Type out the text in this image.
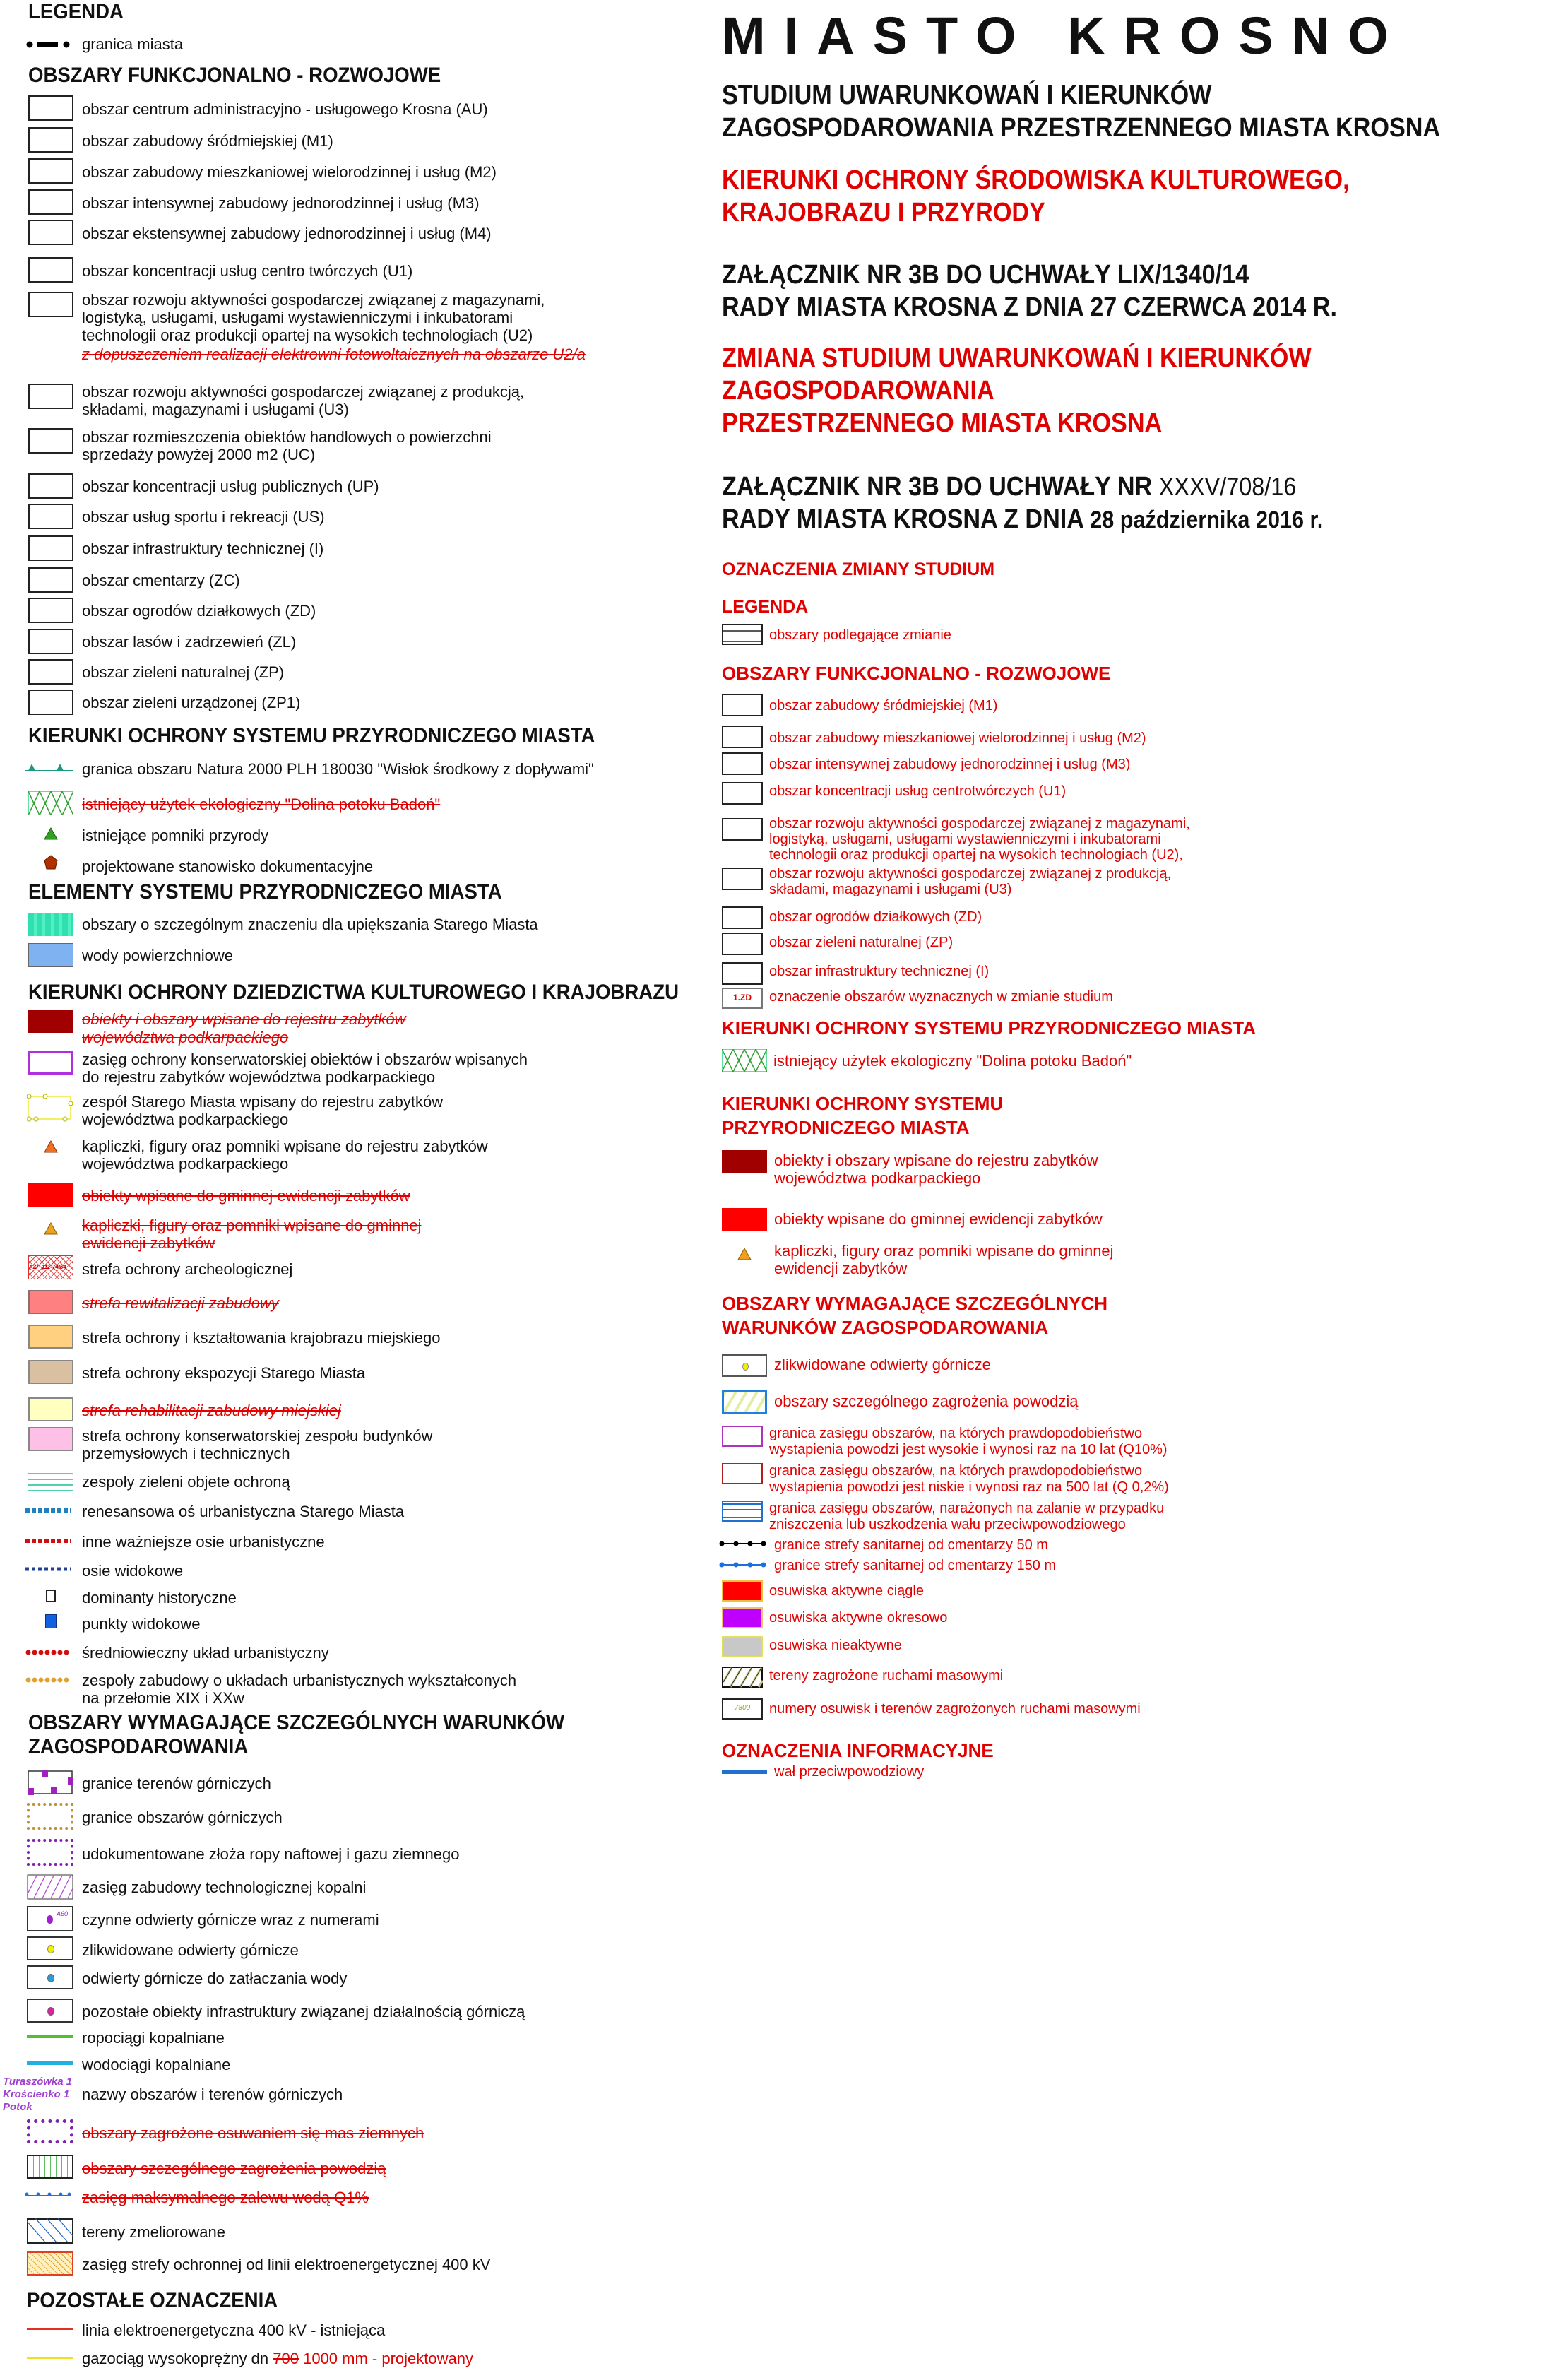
LEGENDA
granica miasta
OBSZARY FUNKCJONALNO - ROZWOJOWE
obszar centrum administracyjno - usługowego Krosna (AU)
obszar zabudowy śródmiejskiej (M1)
obszar zabudowy mieszkaniowej wielorodzinnej i usług (M2)
obszar intensywnej zabudowy jednorodzinnej i usług (M3)
obszar ekstensywnej zabudowy jednorodzinnej i usług (M4)
obszar koncentracji usług centro twórczych (U1)
obszar rozwoju aktywności gospodarczej związanej z magazynami,
logistyką, usługami, usługami wystawienniczymi i inkubatorami
technologii oraz produkcji opartej na wysokich technologiach (U2)
z dopuszczeniem realizacji elektrowni fotowoltaicznych na obszarze U2/a
obszar rozwoju aktywności gospodarczej związanej z produkcją,
składami, magazynami i usługami (U3)
obszar rozmieszczenia obiektów handlowych o powierzchni
sprzedaży powyżej 2000 m2 (UC)
obszar koncentracji usług publicznych (UP)
obszar usług sportu i rekreacji (US)
obszar infrastruktury technicznej (I)
obszar cmentarzy (ZC)
obszar ogrodów działkowych (ZD)
obszar lasów i zadrzewień (ZL)
obszar zieleni naturalnej (ZP)
obszar zieleni urządzonej (ZP1)
KIERUNKI OCHRONY SYSTEMU PRZYRODNICZEGO MIASTA
granica obszaru Natura 2000 PLH 180030 "Wisłok środkowy z dopływami"
istniejący użytek ekologiczny "Dolina potoku Badoń"
istniejące pomniki przyrody
projektowane stanowisko dokumentacyjne
ELEMENTY SYSTEMU PRZYRODNICZEGO MIASTA
obszary o szczególnym znaczeniu dla upiększania Starego Miasta
wody powierzchniowe
KIERUNKI OCHRONY DZIEDZICTWA KULTUROWEGO I KRAJOBRAZU
obiekty i obszary wpisane do rejestru zabytków
województwa podkarpackiego
zasięg ochrony konserwatorskiej obiektów i obszarów wpisanych
do rejestru zabytków województwa podkarpackiego
zespół Starego Miasta wpisany do rejestru zabytków
województwa podkarpackiego
kapliczki, figury oraz pomniki wpisane do rejestru zabytków
województwa podkarpackiego
obiekty wpisane do gminnej ewidencji zabytków
kapliczki, figury oraz pomniki wpisane do gminnej
ewidencji zabytków
AZP 111-74/64	strefa ochrony archeologicznej
strefa rewitalizacji zabudowy
strefa ochrony i kształtowania krajobrazu miejskiego
strefa ochrony ekspozycji Starego Miasta
strefa rehabilitacji zabudowy miejskiej
strefa ochrony konserwatorskiej zespołu budynków
przemysłowych i technicznych
zespoły zieleni objete ochroną
renesansowa oś urbanistyczna Starego Miasta
inne ważniejsze osie urbanistyczne
osie widokowe
dominanty historyczne
punkty widokowe
średniowieczny układ urbanistyczny
zespoły zabudowy o układach urbanistycznych wykształconych
na przełomie XIX i XXw
OBSZARY WYMAGAJĄCE SZCZEGÓLNYCH WARUNKÓW
ZAGOSPODAROWANIA
granice terenów górniczych
granice obszarów górniczych
udokumentowane złoża ropy naftowej i gazu ziemnego
zasięg zabudowy technologicznej kopalni
A60 czynne odwierty górnicze wraz z numerami
zlikwidowane odwierty górnicze
odwierty górnicze do zatłaczania wody
pozostałe obiekty infrastruktury związanej działalnością górniczą
ropociągi kopalniane
wodociągi kopalniane
Turaszówka 1
Krościenko 1
Potok
nazwy obszarów i terenów górniczych
obszary zagrożone osuwaniem się mas ziemnych
obszary szczególnego zagrożenia powodzią
zasięg maksymalnego zalewu wodą Q1%
tereny zmeliorowane
zasięg strefy ochronnej od linii elektroenergetycznej 400 kV
POZOSTAŁE OZNACZENIA
linia elektroenergetyczna 400 kV - istniejąca
gazociąg wysokoprężny dn 700 1000 mm - projektowany
MIASTO KROSNO
STUDIUM UWARUNKOWAŃ I KIERUNKÓW
ZAGOSPODAROWANIA PRZESTRZENNEGO MIASTA KROSNA
KIERUNKI OCHRONY ŚRODOWISKA KULTUROWEGO,
KRAJOBRAZU I PRZYRODY
ZAŁĄCZNIK NR 3B DO UCHWAŁY LIX/1340/14
RADY MIASTA KROSNA Z DNIA 27 CZERWCA 2014 R.
ZMIANA STUDIUM UWARUNKOWAŃ I KIERUNKÓW
ZAGOSPODAROWANIA
PRZESTRZENNEGO MIASTA KROSNA
ZAŁĄCZNIK NR 3B DO UCHWAŁY NR XXXV/708/16
RADY MIASTA KROSNA Z DNIA 28 października 2016 r.
OZNACZENIA ZMIANY STUDIUM
LEGENDA
obszary podlegające zmianie
OBSZARY FUNKCJONALNO - ROZWOJOWE
obszar zabudowy śródmiejskiej (M1)
obszar zabudowy mieszkaniowej wielorodzinnej i usług (M2)
obszar intensywnej zabudowy jednorodzinnej i usług (M3)
obszar koncentracji usług centrotwórczych (U1)
obszar rozwoju aktywności gospodarczej związanej z magazynami,
logistyką, usługami, usługami wystawienniczymi i inkubatorami
technologii oraz produkcji opartej na wysokich technologiach (U2),
obszar rozwoju aktywności gospodarczej związanej z produkcją,
składami, magazynami i usługami (U3)
obszar ogrodów działkowych (ZD)
obszar zieleni naturalnej (ZP)
obszar infrastruktury technicznej (I)
1.ZD	oznaczenie obszarów wyznacznych w zmianie studium
KIERUNKI OCHRONY SYSTEMU PRZYRODNICZEGO MIASTA
istniejący użytek ekologiczny "Dolina potoku Badoń"
KIERUNKI OCHRONY SYSTEMU
PRZYRODNICZEGO MIASTA
obiekty i obszary wpisane do rejestru zabytków
województwa podkarpackiego
obiekty wpisane do gminnej ewidencji zabytków
kapliczki, figury oraz pomniki wpisane do gminnej
ewidencji zabytków
OBSZARY WYMAGAJĄCE SZCZEGÓLNYCH
WARUNKÓW ZAGOSPODAROWANIA
zlikwidowane odwierty górnicze
obszary szczególnego zagrożenia powodzią
granica zasięgu obszarów, na których prawdopodobieństwo
wystapienia powodzi jest wysokie i wynosi raz na 10 lat (Q10%)
granica zasięgu obszarów, na których prawdopodobieństwo
wystapienia powodzi jest niskie i wynosi raz na 500 lat (Q 0,2%)
granica zasięgu obszarów, narażonych na zalanie w przypadku
zniszczenia lub uszkodzenia wału przeciwpowodziowego
granice strefy sanitarnej od cmentarzy 50 m
granice strefy sanitarnej od cmentarzy 150 m
osuwiska aktywne ciągle
osuwiska aktywne okresowo
osuwiska nieaktywne
tereny zagrożone ruchami masowymi
7800	numery osuwisk i terenów zagrożonych ruchami masowymi
OZNACZENIA INFORMACYJNE
wał przeciwpowodziowy
